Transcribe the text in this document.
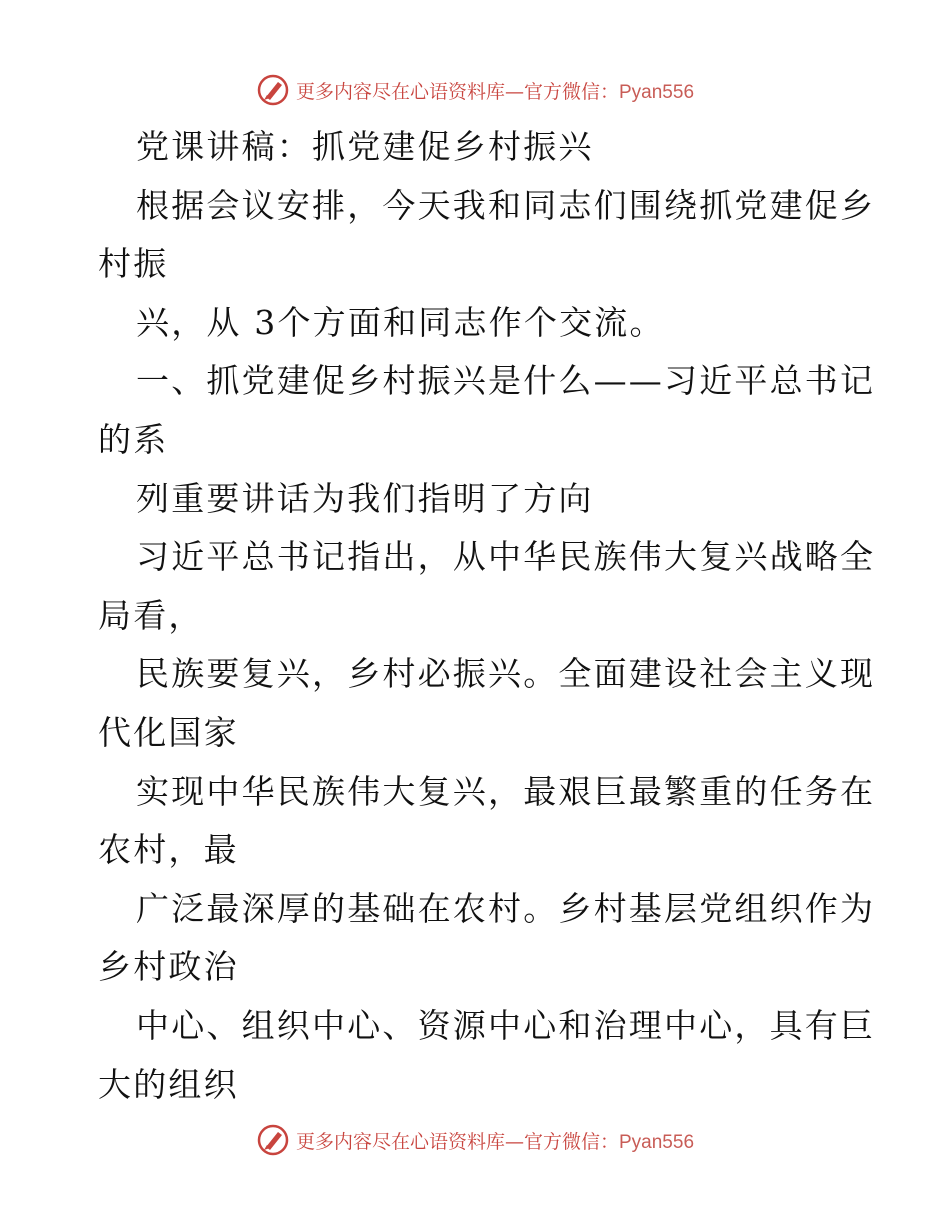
更多内容尽在心语资料库—官方微信：Pyan556
党课讲稿：抓党建促乡村振兴
根据会议安排，今天我和同志们围绕抓党建促乡
村振
兴，从 3个方面和同志作个交流。
一、抓党建促乡村振兴是什么——习近平总书记
的系
列重要讲话为我们指明了方向
习近平总书记指出，从中华民族伟大复兴战略全
局看，
民族要复兴，乡村必振兴。全面建设社会主义现
代化国家
实现中华民族伟大复兴，最艰巨最繁重的任务在
农村，最
广泛最深厚的基础在农村。乡村基层党组织作为
乡村政治
中心、组织中心、资源中心和治理中心，具有巨
大的组织
更多内容尽在心语资料库—官方微信：Pyan556
